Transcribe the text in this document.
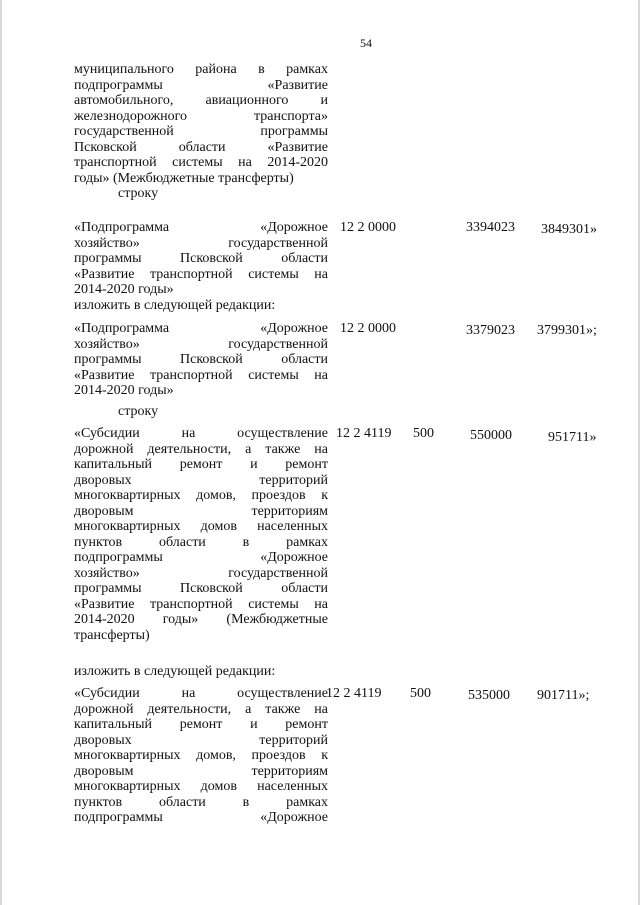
54
муниципального района в рамках
подпрограммы «Развитие
автомобильного, авиационного и
железнодорожного транспорта»
государственной программы
Псковской области «Развитие
транспортной системы на 2014-2020
годы» (Межбюджетные трансферты)
строку
«Подпрограмма «Дорожное
хозяйство» государственной
программы Псковской области
«Развитие транспортной системы на
2014-2020 годы»
12 2 0000	3394023 3849301»
изложить в следующей редакции:
«Подпрограмма «Дорожное
хозяйство» государственной
программы Псковской области
«Развитие транспортной системы на
2014-2020 годы»
12 2 0000	3379023 3799301»;
строку
«Субсидии на осуществление
дорожной деятельности, а также на
капитальный ремонт и ремонт
дворовых территорий
многоквартирных домов, проездов к
дворовым территориям
многоквартирных домов населенных
пунктов области в рамках
подпрограммы «Дорожное
хозяйство» государственной
программы Псковской области
«Развитие транспортной системы на
2014-2020 годы» (Межбюджетные
трансферты)
12 2 4119 500	550000	951711»
изложить в следующей редакции:
«Субсидии на осуществление
дорожной деятельности, а также на
капитальный ремонт и ремонт
дворовых территорий
многоквартирных домов, проездов к
дворовым территориям
многоквартирных домов населенных
пунктов области в рамках
подпрограммы «Дорожное
12 2 4119 500	535000 901711»;
